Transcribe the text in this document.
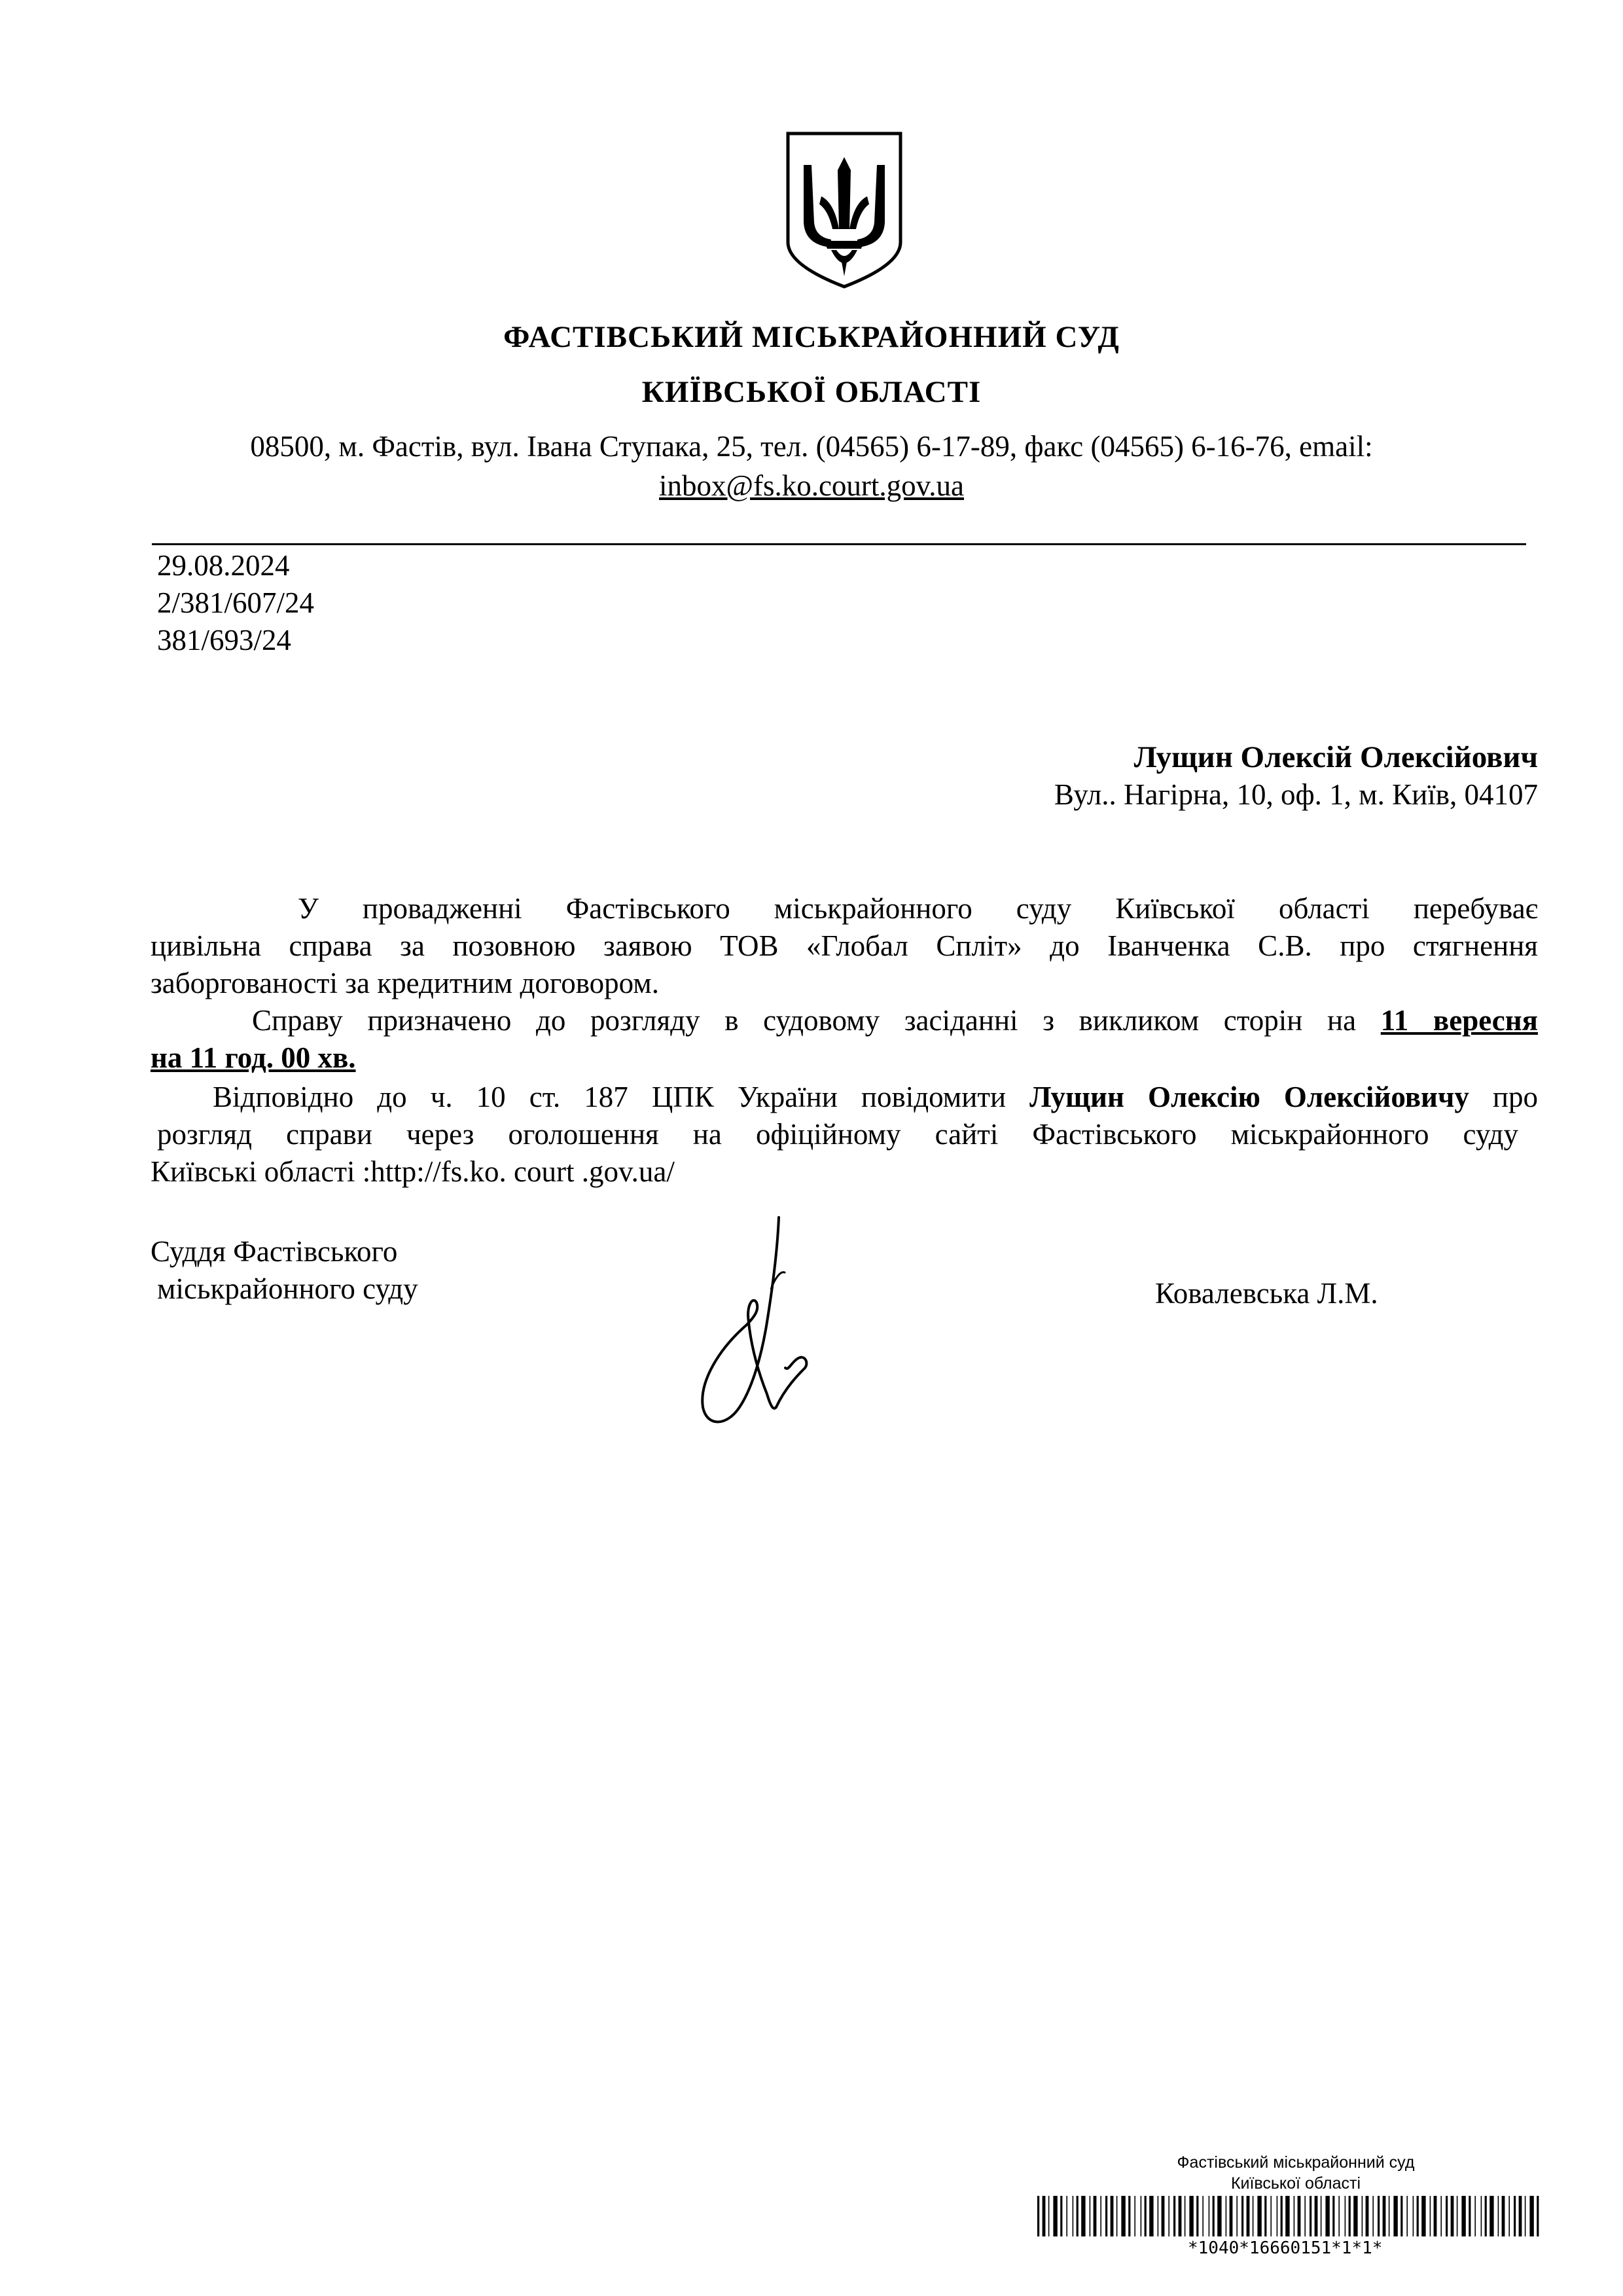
ФАСТІВСЬКИЙ МІСЬКРАЙОННИЙ СУД
КИЇВСЬКОЇ ОБЛАСТІ
08500, м. Фастів, вул. Івана Ступака, 25, тел. (04565) 6-17-89, факс (04565) 6-16-76, email:
inbox@fs.ko.court.gov.ua
29.08.2024
2/381/607/24
381/693/24
Лущин Олексій Олексійович
Вул.. Нагірна, 10, оф. 1, м. Київ, 04107
У провадженні Фастівського міськрайонного суду Київської області перебуває
цивільна справа за позовною заявою ТОВ «Глобал Спліт» до Іванченка С.В. про стягнення
заборгованості за кредитним договором.
Справу призначено до розгляду в судовому засіданні з викликом сторін на 11 вересня
на 11 год. 00 хв.
Відповідно до ч. 10 ст. 187 ЦПК України повідомити Лущин Олексію Олексійовичу про
розгляд справи через оголошення на офіційному сайті Фастівського міськрайонного суду
Київські області :http://fs.ko. court .gov.ua/
Суддя Фастівського
міськрайонного суду	Ковалевська Л.М.
Фастівський міськрайонний суд
Київської області
*1040*16660151*1*1*
